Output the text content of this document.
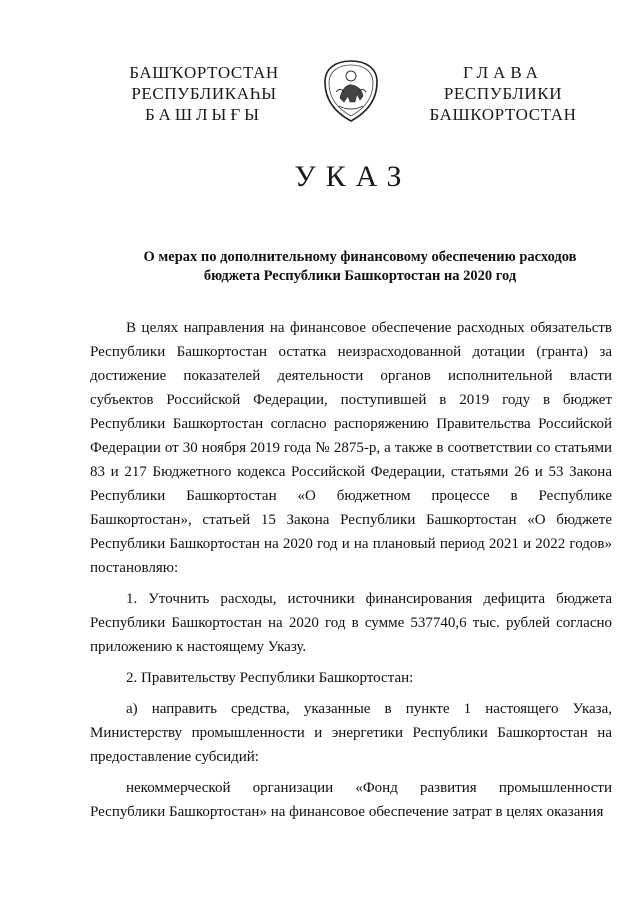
БАШҠОРТОСТАН
РЕСПУБЛИКАҺЫ
БАШЛЫҒЫ
ГЛАВА
РЕСПУБЛИКИ
БАШКОРТОСТАН
УКАЗ
О мерах по дополнительному финансовому обеспечению расходов
бюджета Республики Башкортостан на 2020 год

В целях направления на финансовое обеспечение расходных обязательств Республики Башкортостан остатка неизрасходованной дотации (гранта) за достижение показателей деятельности органов исполнительной власти субъектов Российской Федерации, поступившей в 2019 году в бюджет Республики Башкортостан согласно распоряжению Правительства Российской Федерации от 30 ноября 2019 года № 2875-р, а также в соответствии со статьями 83 и 217 Бюджетного кодекса Российской Федерации, статьями 26 и 53 Закона Республики Башкортостан «О бюджетном процессе в Республике Башкортостан», статьей 15 Закона Республики Башкортостан «О бюджете Республики Башкортостан на 2020 год и на плановый период 2021 и 2022 годов» постановляю:

1. Уточнить расходы, источники финансирования дефицита бюджета Республики Башкортостан на 2020 год в сумме 537740,6 тыс. рублей согласно приложению к настоящему Указу.

2. Правительству Республики Башкортостан:

а) направить средства, указанные в пункте 1 настоящего Указа, Министерству промышленности и энергетики Республики Башкортостан на предоставление субсидий:

некоммерческой организации «Фонд развития промышленности Республики Башкортостан» на финансовое обеспечение затрат в целях оказания
